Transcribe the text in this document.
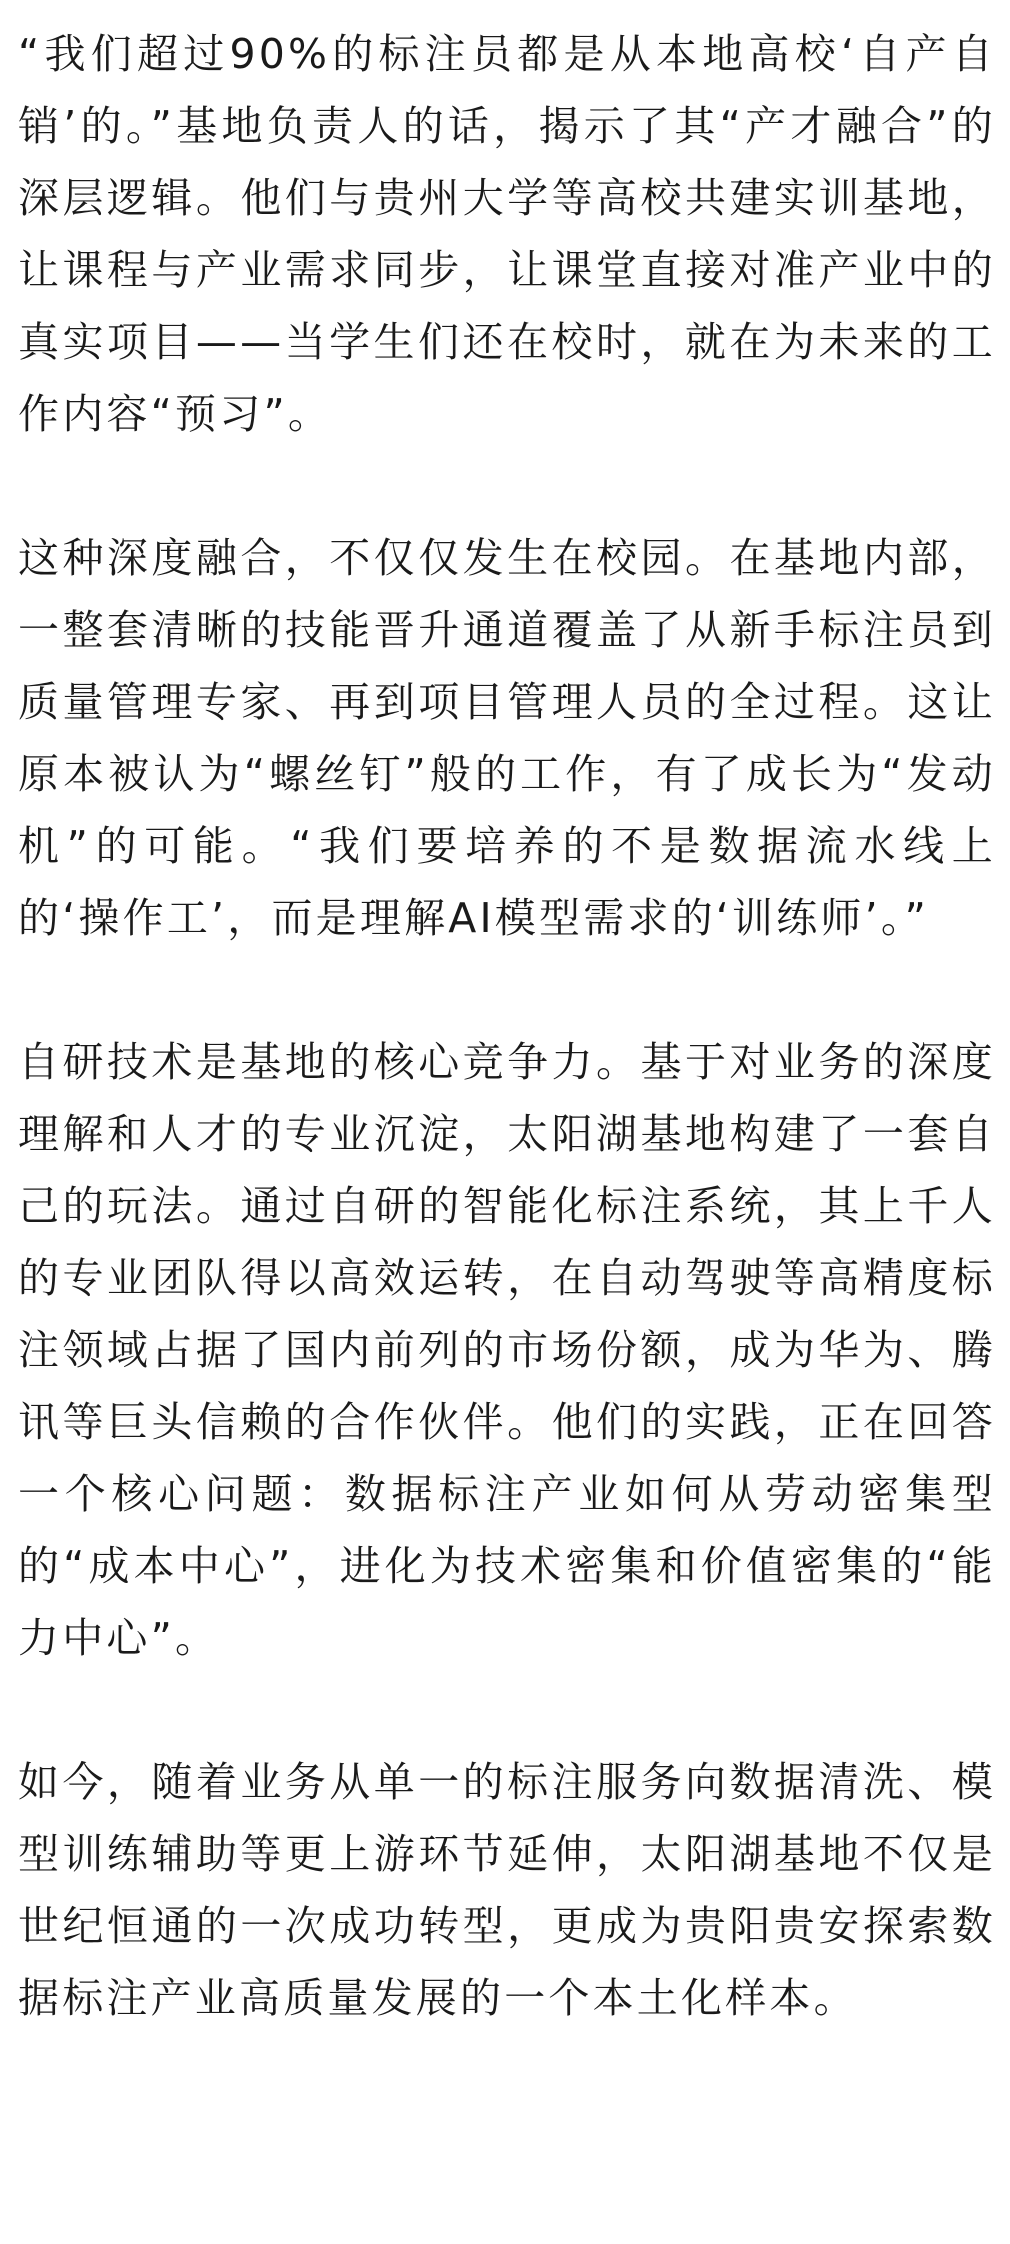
“我们超过90%的标注员都是从本地高校‘自产自销’的。”基地负责人的话，揭示了其“产才融合”的深层逻辑。他们与贵州大学等高校共建实训基地，让课程与产业需求同步，让课堂直接对准产业中的真实项目——当学生们还在校时，就在为未来的工作内容“预习”。

这种深度融合，不仅仅发生在校园。在基地内部，一整套清晰的技能晋升通道覆盖了从新手标注员到质量管理专家、再到项目管理人员的全过程。这让原本被认为“螺丝钉”般的工作，有了成长为“发动机”的可能。“我们要培养的不是数据流水线上的‘操作工’，而是理解AI模型需求的‘训练师’。”

自研技术是基地的核心竞争力。基于对业务的深度理解和人才的专业沉淀，太阳湖基地构建了一套自己的玩法。通过自研的智能化标注系统，其上千人的专业团队得以高效运转，在自动驾驶等高精度标注领域占据了国内前列的市场份额，成为华为、腾讯等巨头信赖的合作伙伴。他们的实践，正在回答一个核心问题：数据标注产业如何从劳动密集型的“成本中心”，进化为技术密集和价值密集的“能力中心”。

如今，随着业务从单一的标注服务向数据清洗、模型训练辅助等更上游环节延伸，太阳湖基地不仅是世纪恒通的一次成功转型，更成为贵阳贵安探索数据标注产业高质量发展的一个本土化样本。
